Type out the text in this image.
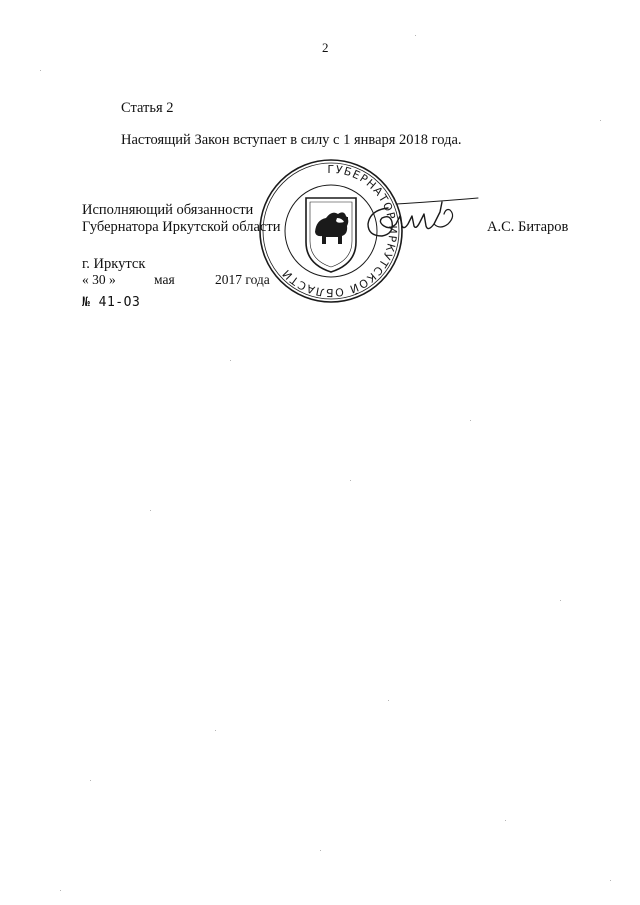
2
Статья 2
Настоящий Закон вступает в силу с 1 января 2018 года.
Исполняющий обязанности
Губернатора Иркутской области	А.С. Битаров
г. Иркутск
« 30 »	мая	2017 года
№ 41-ОЗ
ГУБЕРНАТОР ИРКУТСКОЙ ОБЛАСТИ
